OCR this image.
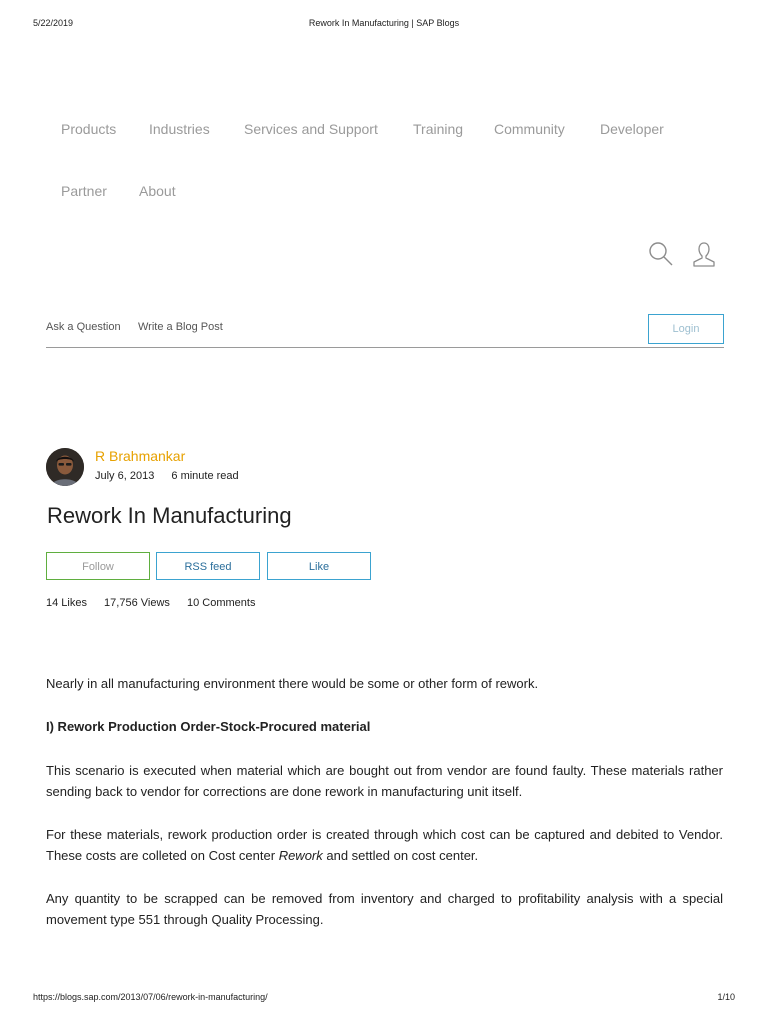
5/22/2019	Rework In Manufacturing | SAP Blogs
Products Industries Services and Support	Training Community	Developer
Partner About
Ask a Question Write a Blog Post	Login
R Brahmankar
July 6, 2013 6 minute read
Rework In Manufacturing
Follow	RSS feed	Like
14 Likes 17,756 Views 10 Comments

Nearly in all manufacturing environment there would be some or other form of rework.

I) Rework Production Order-Stock-Procured material

This scenario is executed when material which are bought out from vendor are found faulty. These materials rather sending back to vendor for corrections are done rework in manufacturing unit itself.

For these materials, rework production order is created through which cost can be captured and debited to Vendor. These costs are colleted on Cost center Rework and settled on cost center.

Any quantity to be scrapped can be removed from inventory and charged to profitability analysis with a special movement type 551 through Quality Processing.

https://blogs.sap.com/2013/07/06/rework-in-manufacturing/	1/10
